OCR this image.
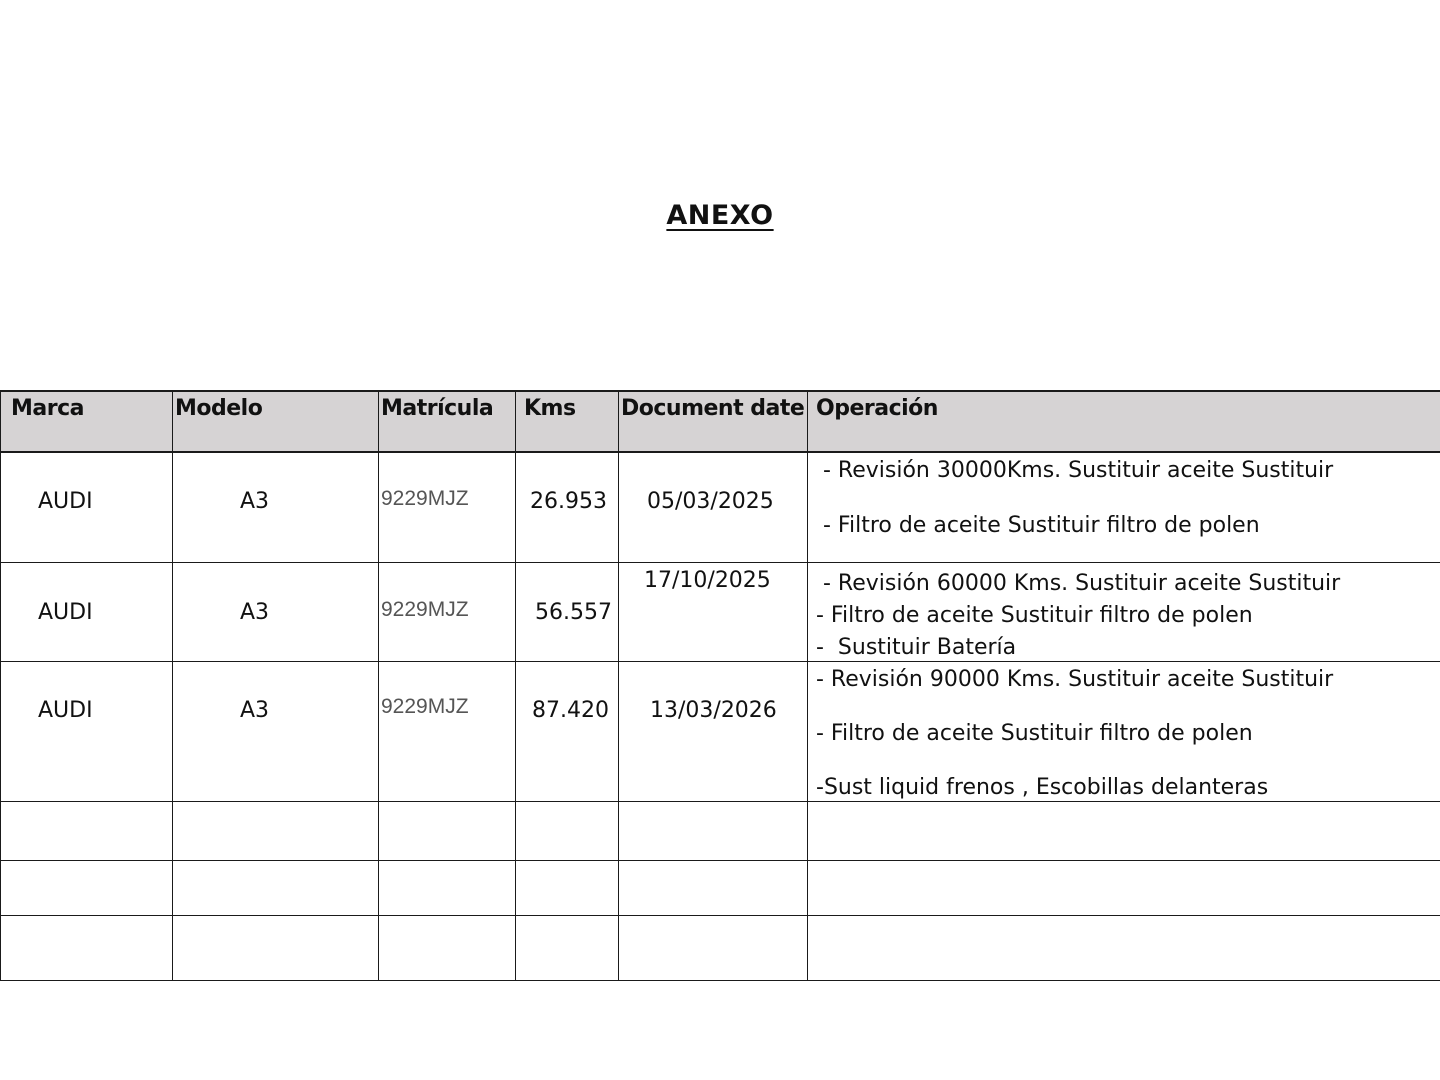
ANEXO
Marca	Modelo	Matrícula	Kms	Document date	Operación

AUDI	A3	9229MJZ	26.953	05/03/2025	- Revisión 30000Kms. Sustituir aceite Sustituir
- Filtro de aceite Sustituir filtro de polen

AUDI	A3	9229MJZ	56.557	17/10/2025	- Revisión 60000 Kms. Sustituir aceite Sustituir
- Filtro de aceite Sustituir filtro de polen
-  Sustituir Batería

AUDI	A3	9229MJZ	87.420	13/03/2026	- Revisión 90000 Kms. Sustituir aceite Sustituir
- Filtro de aceite Sustituir filtro de polen
-Sust liquid frenos , Escobillas delanteras
